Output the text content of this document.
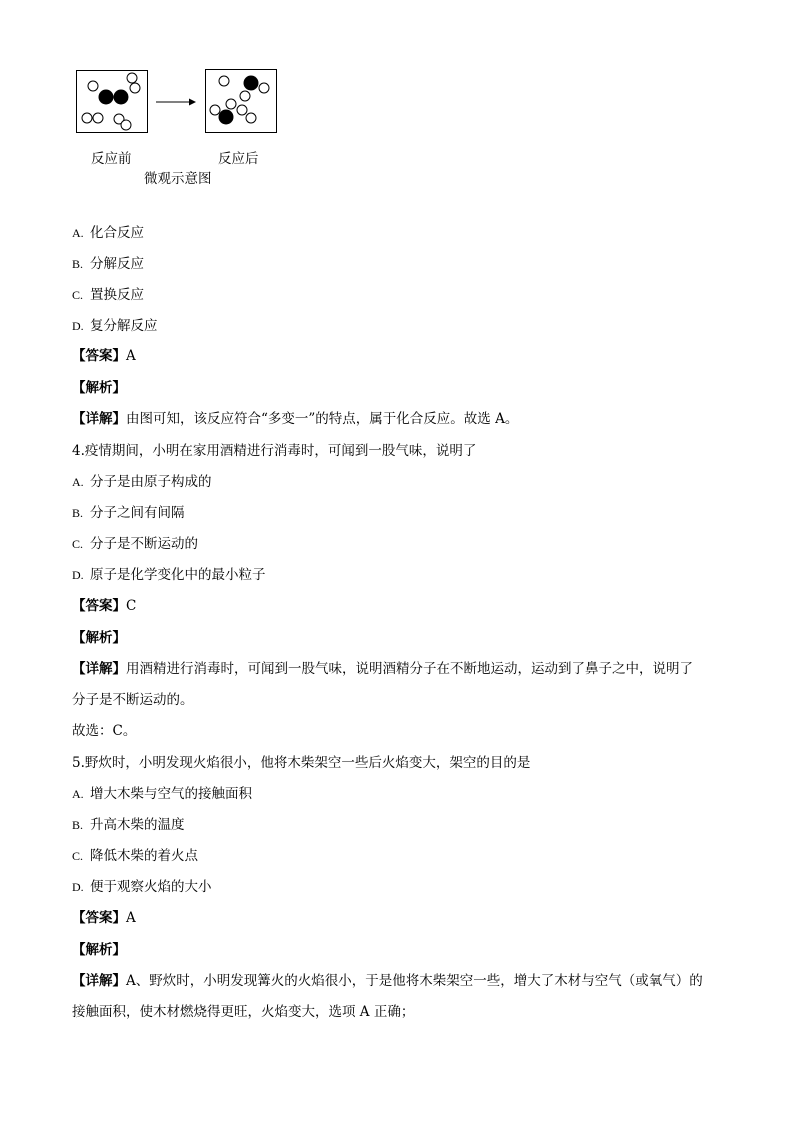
反应前	反应后
微观示意图
A. 化合反应
B. 分解反应
C. 置换反应
D. 复分解反应
【答案】A
【解析】
【详解】由图可知，该反应符合“多变一”的特点，属于化合反应。故选 A。
4.疫情期间，小明在家用酒精进行消毒时，可闻到一股气味，说明了
A. 分子是由原子构成的
B. 分子之间有间隔
C. 分子是不断运动的
D. 原子是化学变化中的最小粒子
【答案】C
【解析】
【详解】用酒精进行消毒时，可闻到一股气味，说明酒精分子在不断地运动，运动到了鼻子之中，说明了
分子是不断运动的。
故选：C。
5.野炊时，小明发现火焰很小，他将木柴架空一些后火焰变大，架空的目的是
A. 增大木柴与空气的接触面积
B. 升高木柴的温度
C. 降低木柴的着火点
D. 便于观察火焰的大小
【答案】A
【解析】
【详解】A、野炊时，小明发现篝火的火焰很小，于是他将木柴架空一些，增大了木材与空气（或氧气）的
接触面积，使木材燃烧得更旺，火焰变大，选项 A 正确；
